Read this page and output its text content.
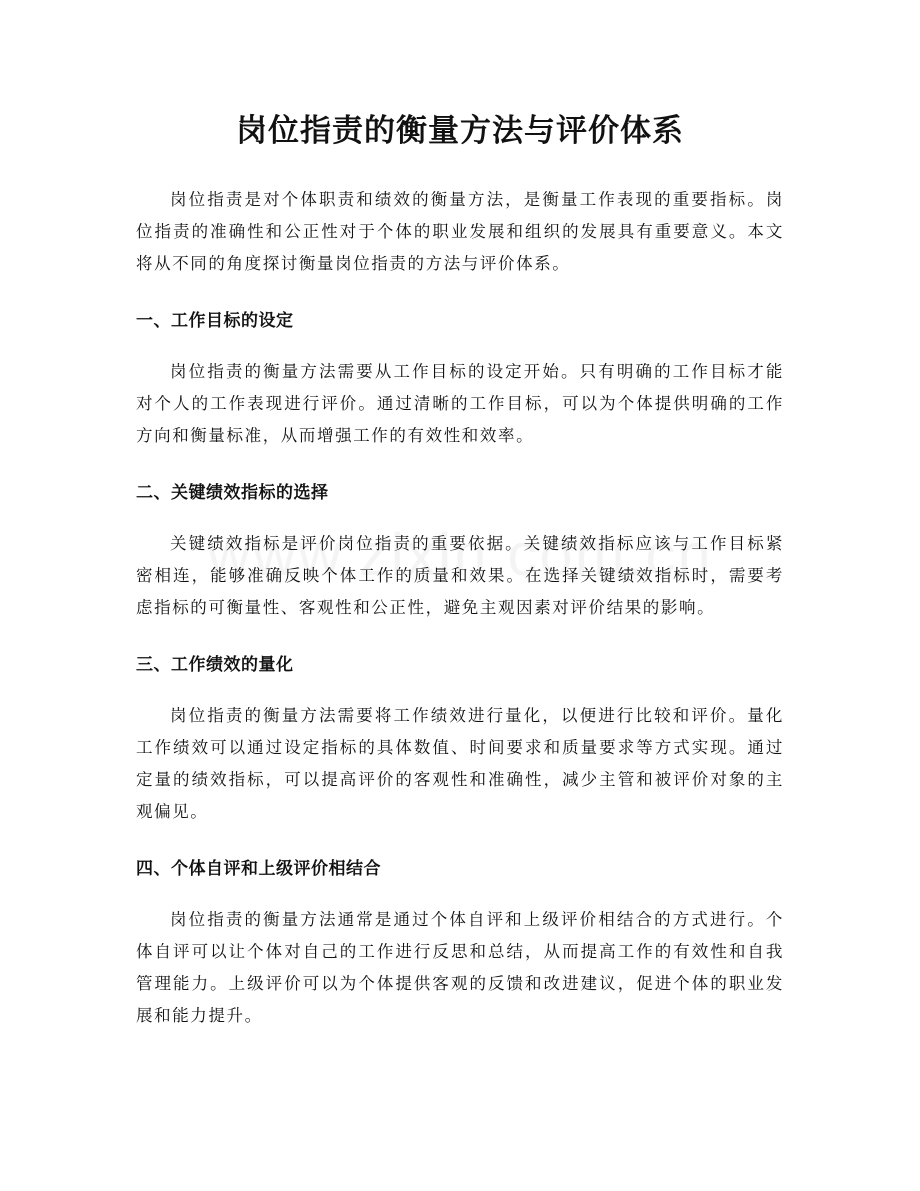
岗位指责的衡量方法与评价体系

岗位指责是对个体职责和绩效的衡量方法，是衡量工作表现的重要指标。岗位指责的准确性和公正性对于个体的职业发展和组织的发展具有重要意义。本文将从不同的角度探讨衡量岗位指责的方法与评价体系。

一、工作目标的设定

岗位指责的衡量方法需要从工作目标的设定开始。只有明确的工作目标才能对个人的工作表现进行评价。通过清晰的工作目标，可以为个体提供明确的工作方向和衡量标准，从而增强工作的有效性和效率。

二、关键绩效指标的选择

关键绩效指标是评价岗位指责的重要依据。关键绩效指标应该与工作目标紧密相连，能够准确反映个体工作的质量和效果。在选择关键绩效指标时，需要考虑指标的可衡量性、客观性和公正性，避免主观因素对评价结果的影响。

三、工作绩效的量化

岗位指责的衡量方法需要将工作绩效进行量化，以便进行比较和评价。量化工作绩效可以通过设定指标的具体数值、时间要求和质量要求等方式实现。通过定量的绩效指标，可以提高评价的客观性和准确性，减少主管和被评价对象的主观偏见。

四、个体自评和上级评价相结合

岗位指责的衡量方法通常是通过个体自评和上级评价相结合的方式进行。个体自评可以让个体对自己的工作进行反思和总结，从而提高工作的有效性和自我管理能力。上级评价可以为个体提供客观的反馈和改进建议，促进个体的职业发展和能力提升。
